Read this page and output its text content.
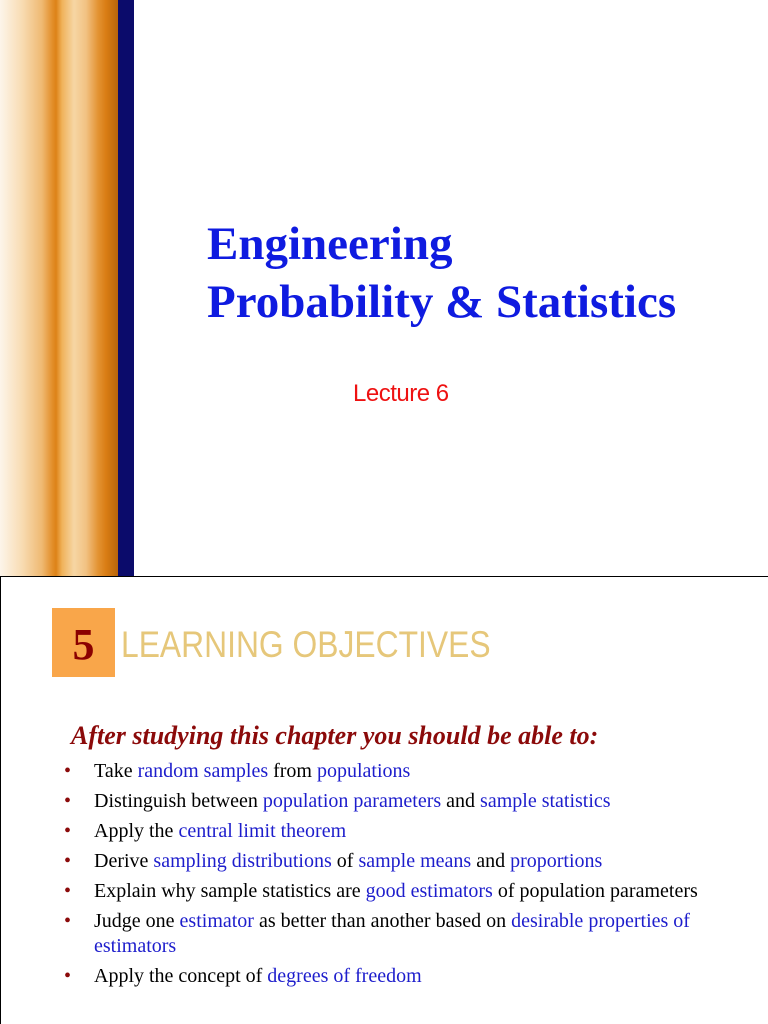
Engineering
Probability & Statistics
Lecture 6
5 LEARNING OBJECTIVES
After studying this chapter you should be able to:
• Take random samples from populations
• Distinguish between population parameters and sample statistics
• Apply the central limit theorem
• Derive sampling distributions of sample means and proportions
• Explain why sample statistics are good estimators of population parameters
• Judge one estimator as better than another based on desirable properties of estimators
• Apply the concept of degrees of freedom
